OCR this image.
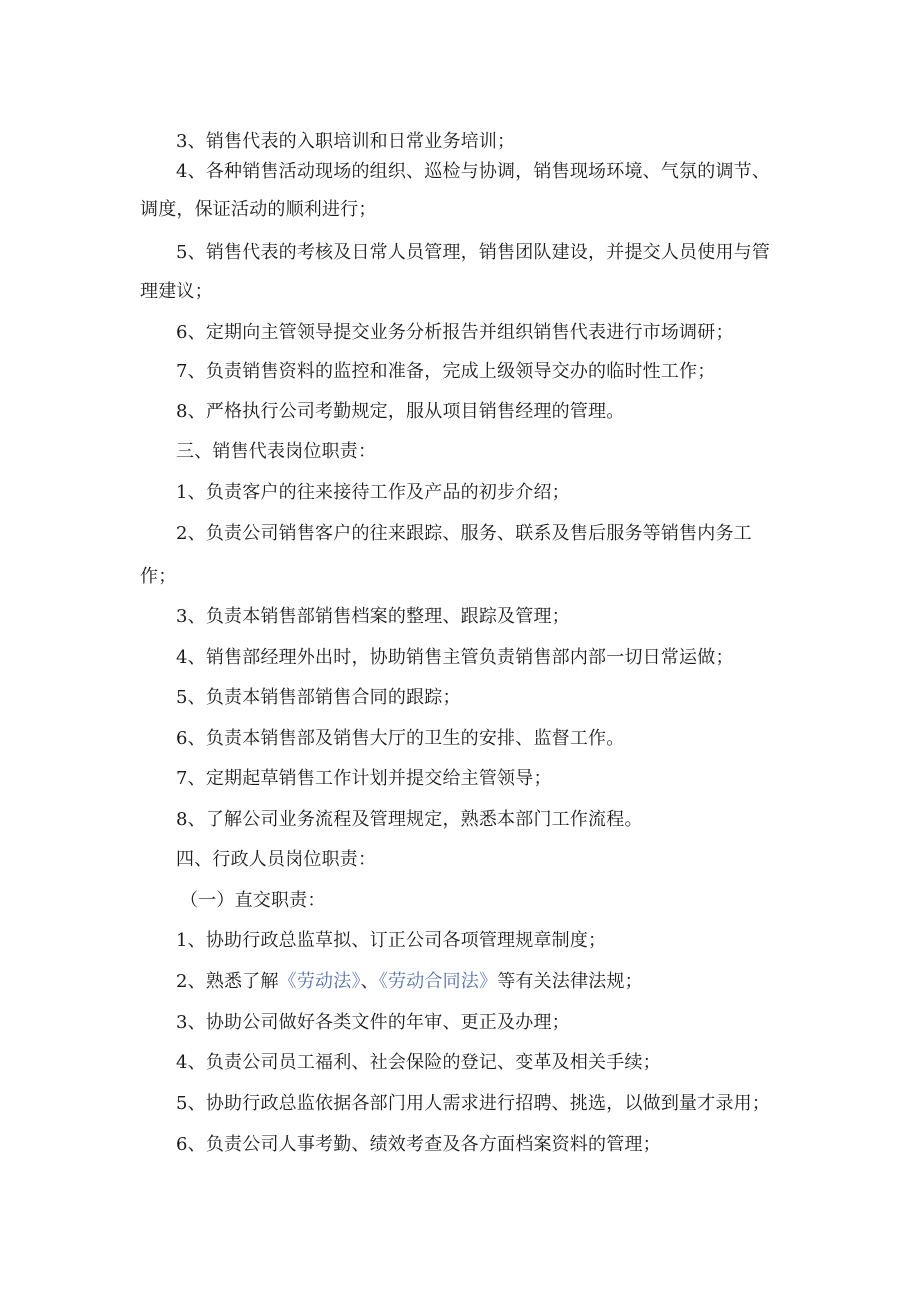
3、销售代表的入职培训和日常业务培训；
4、各种销售活动现场的组织、巡检与协调，销售现场环境、气氛的调节、
调度，保证活动的顺利进行；
5、销售代表的考核及日常人员管理，销售团队建设，并提交人员使用与管
理建议；
6、定期向主管领导提交业务分析报告并组织销售代表进行市场调研；
7、负责销售资料的监控和准备，完成上级领导交办的临时性工作；
8、严格执行公司考勤规定，服从项目销售经理的管理。
三、销售代表岗位职责：
1、负责客户的往来接待工作及产品的初步介绍；
2、负责公司销售客户的往来跟踪、服务、联系及售后服务等销售内务工
作；
3、负责本销售部销售档案的整理、跟踪及管理；
4、销售部经理外出时，协助销售主管负责销售部内部一切日常运做；
5、负责本销售部销售合同的跟踪；
6、负责本销售部及销售大厅的卫生的安排、监督工作。
7、定期起草销售工作计划并提交给主管领导；
8、了解公司业务流程及管理规定，熟悉本部门工作流程。
四、行政人员岗位职责：
（一）直交职责：
1、协助行政总监草拟、订正公司各项管理规章制度；
2、熟悉了解《劳动法》、《劳动合同法》等有关法律法规；
3、协助公司做好各类文件的年审、更正及办理；
4、负责公司员工福利、社会保险的登记、变革及相关手续；
5、协助行政总监依据各部门用人需求进行招聘、挑选，以做到量才录用；
6、负责公司人事考勤、绩效考查及各方面档案资料的管理；
